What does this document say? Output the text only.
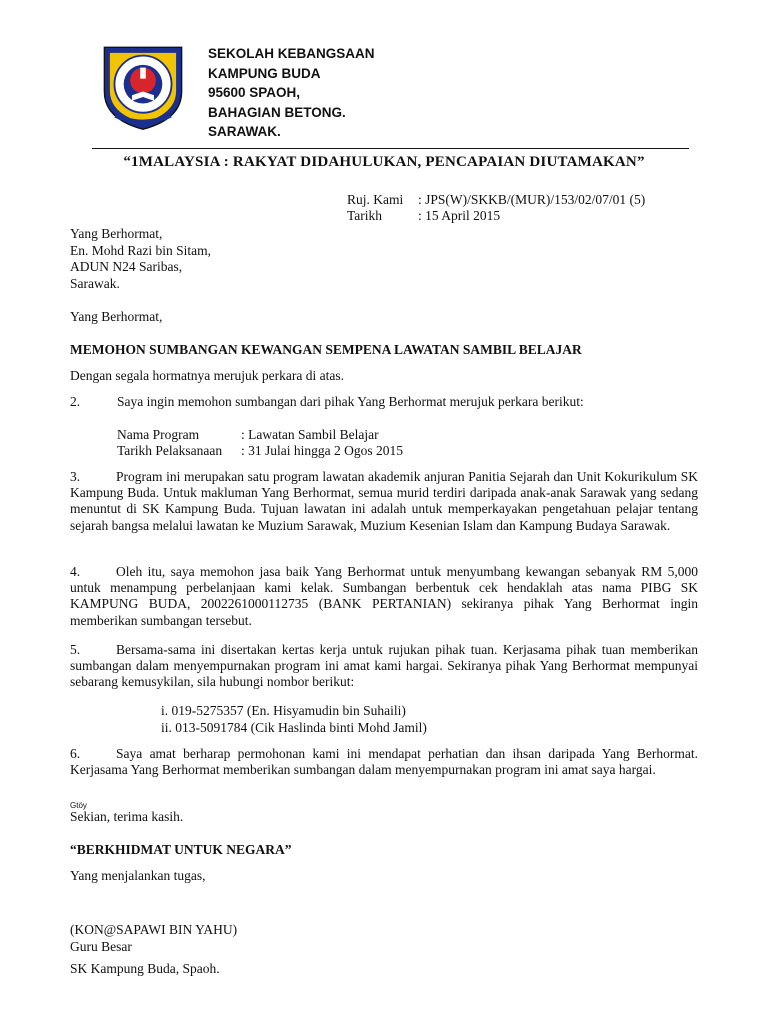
SEKOLAH KEBANGSAAN
KAMPUNG BUDA
95600 SPAOH,
BAHAGIAN BETONG.
SARAWAK.
“1MALAYSIA : RAKYAT DIDAHULUKAN, PENCAPAIAN DIUTAMAKAN”
Ruj. Kami : JPS(W)/SKKB/(MUR)/153/02/07/01 (5)
Tarikh	: 15 April 2015
Yang Berhormat,
En. Mohd Razi bin Sitam,
ADUN N24 Saribas,
Sarawak.
Yang Berhormat,
MEMOHON SUMBANGAN KEWANGAN SEMPENA LAWATAN SAMBIL BELAJAR
Dengan segala hormatnya merujuk perkara di atas.
2.	Saya ingin memohon sumbangan dari pihak Yang Berhormat merujuk perkara berikut:
Nama Program	: Lawatan Sambil Belajar
Tarikh Pelaksanaan : 31 Julai hingga 2 Ogos 2015
3.	Program ini merupakan satu program lawatan akademik anjuran Panitia Sejarah dan Unit Kokurikulum SK Kampung Buda. Untuk makluman Yang Berhormat, semua murid terdiri daripada anak-anak Sarawak yang sedang menuntut di SK Kampung Buda. Tujuan lawatan ini adalah untuk memperkayakan pengetahuan pelajar tentang sejarah bangsa melalui lawatan ke Muzium Sarawak, Muzium Kesenian Islam dan Kampung Budaya Sarawak.
4.	Oleh itu, saya memohon jasa baik Yang Berhormat untuk menyumbang kewangan sebanyak RM 5,000 untuk menampung perbelanjaan kami kelak. Sumbangan berbentuk cek hendaklah atas nama PIBG SK KAMPUNG BUDA, 2002261000112735 (BANK PERTANIAN) sekiranya pihak Yang Berhormat ingin memberikan sumbangan tersebut.
5.	Bersama-sama ini disertakan kertas kerja untuk rujukan pihak tuan. Kerjasama pihak tuan memberikan sumbangan dalam menyempurnakan program ini amat kami hargai. Sekiranya pihak Yang Berhormat mempunyai sebarang kemusykilan, sila hubungi nombor berikut:
i. 019-5275357 (En. Hisyamudin bin Suhaili)
ii. 013-5091784 (Cik Haslinda binti Mohd Jamil)
6.	Saya amat berharap permohonan kami ini mendapat perhatian dan ihsan daripada Yang Berhormat. Kerjasama Yang Berhormat memberikan sumbangan dalam menyempurnakan program ini amat saya hargai.
Gtöy
Sekian, terima kasih.
“BERKHIDMAT UNTUK NEGARA”
Yang menjalankan tugas,
(KON@SAPAWI BIN YAHU)
Guru Besar
SK Kampung Buda, Spaoh.
